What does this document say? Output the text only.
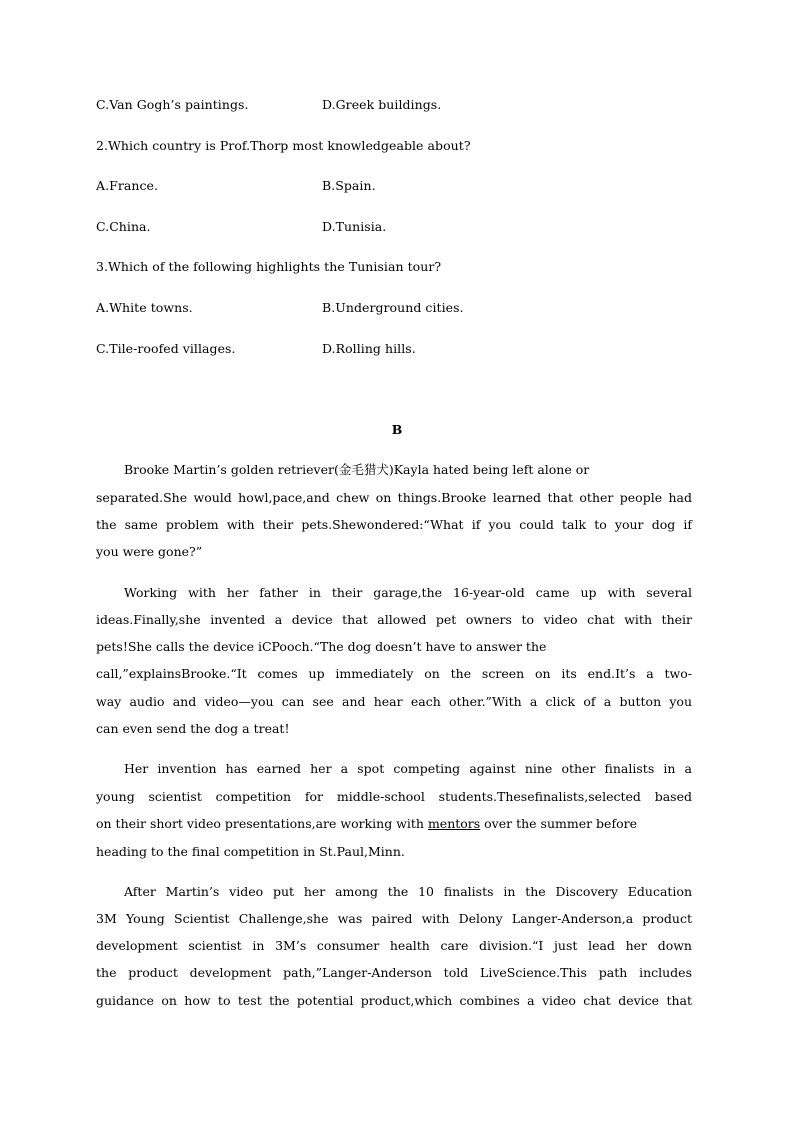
C.Van Gogh’s paintings.	D.Greek buildings.
2.Which country is Prof.Thorp most knowledgeable about?
A.France.	B.Spain.
C.China.	D.Tunisia.
3.Which of the following highlights the Tunisian tour?
A.White towns.	B.Underground cities.
C.Tile-roofed villages.	D.Rolling hills.
B
Brooke Martin’s golden retriever(金毛猎犬)Kayla hated being left alone or
separated.She would howl,pace,and chew on things.Brooke learned that other people had
the same problem with their pets.Shewondered:“What if you could talk to your dog if
you were gone?”
Working with her father in their garage,the 16-year-old came up with several
ideas.Finally,she invented a device that allowed pet owners to video chat with their
pets!She calls the device iCPooch.“The dog doesn’t have to answer the
call,”explainsBrooke.“It comes up immediately on the screen on its end.It’s a two-
way audio and video—you can see and hear each other.”With a click of a button you
can even send the dog a treat!
Her invention has earned her a spot competing against nine other finalists in a
young scientist competition for middle-school students.Thesefinalists,selected based
on their short video presentations,are working with mentors over the summer before
heading to the final competition in St.Paul,Minn.
After Martin’s video put her among the 10 finalists in the Discovery Education
3M Young Scientist Challenge,she was paired with Delony Langer-Anderson,a product
development scientist in 3M’s consumer health care division.“I just lead her down
the product development path,”Langer-Anderson told LiveScience.This path includes
guidance on how to test the potential product,which combines a video chat device that
